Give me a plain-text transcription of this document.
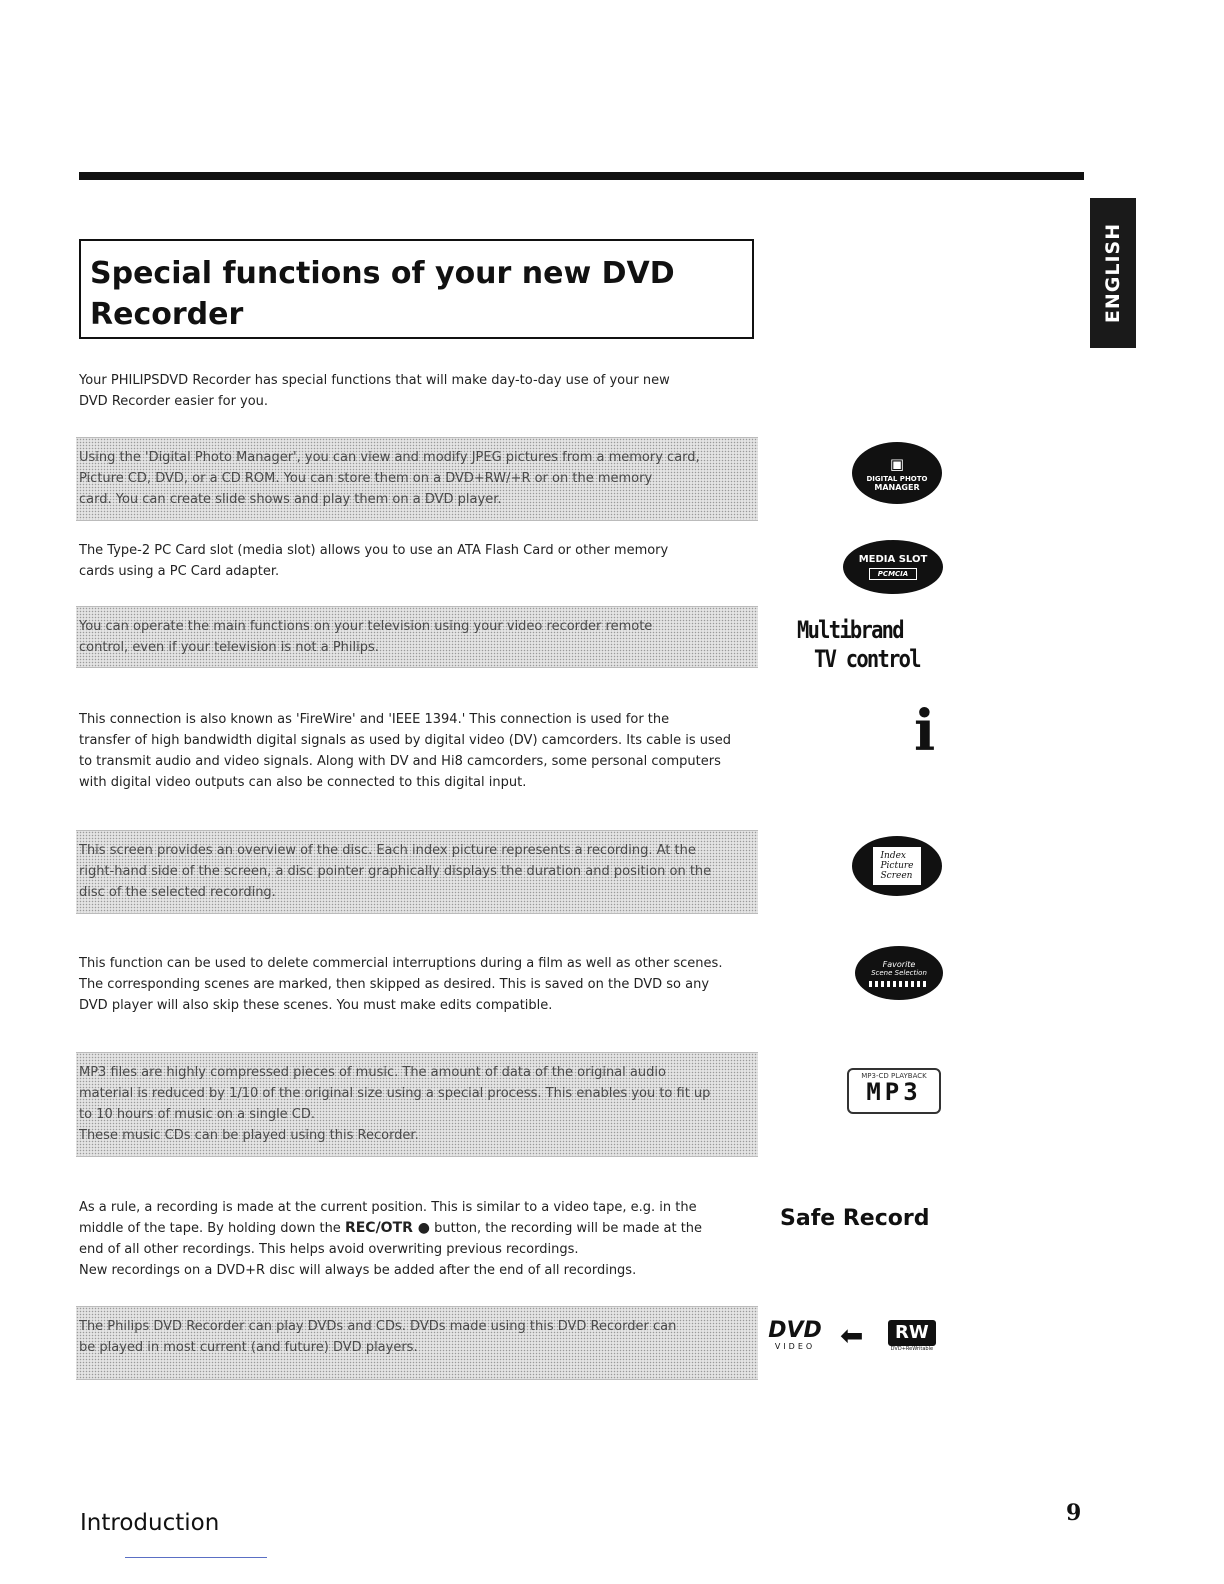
ENGLISH
Special functions of your new DVD
Recorder

Your PHILIPSDVD Recorder has special functions that will make day-to-day use of your new
DVD Recorder easier for you.

Using the 'Digital Photo Manager', you can view and modify JPEG pictures from a memory card,
Picture CD, DVD, or a CD ROM. You can store them on a DVD+RW/+R or on the memory
card. You can create slide shows and play them on a DVD player.
▣
DIGITAL PHOTO
MANAGER

The Type-2 PC Card slot (media slot) allows you to use an ATA Flash Card or other memory
cards using a PC Card adapter.

MEDIA SLOT
PCMCIA
You can operate the main functions on your television using your video recorder remote
control, even if your television is not a Philips.
Multibrand
TV control

This connection is also known as 'FireWire' and 'IEEE 1394.' This connection is used for the
transfer of high bandwidth digital signals as used by digital video (DV) camcorders. Its cable is used
to transmit audio and video signals. Along with DV and Hi8 camcorders, some personal computers
with digital video outputs can also be connected to this digital input.

i
This screen provides an overview of the disc. Each index picture represents a recording. At the
right-hand side of the screen, a disc pointer graphically displays the duration and position on the
disc of the selected recording.
Index
Picture
Screen

This function can be used to delete commercial interruptions during a film as well as other scenes.
The corresponding scenes are marked, then skipped as desired. This is saved on the DVD so any
DVD player will also skip these scenes. You must make edits compatible.

Favorite
Scene Selection
MP3 files are highly compressed pieces of music. The amount of data of the original audio
material is reduced by 1/10 of the original size using a special process. This enables you to fit up
to 10 hours of music on a single CD.
These music CDs can be played using this Recorder.
MP3-CD PLAYBACK
MP3

As a rule, a recording is made at the current position. This is similar to a video tape, e.g. in the
middle of the tape. By holding down the REC/OTR ● button, the recording will be made at the
end of all other recordings. This helps avoid overwriting previous recordings.
New recordings on a DVD+R disc will always be added after the end of all recordings.

Safe Record
The Philips DVD Recorder can play DVDs and CDs. DVDs made using this DVD Recorder can
be played in most current (and future) DVD players.
DVD
VIDEO ⬅	RW
DVD+ReWritable
Introduction	9
